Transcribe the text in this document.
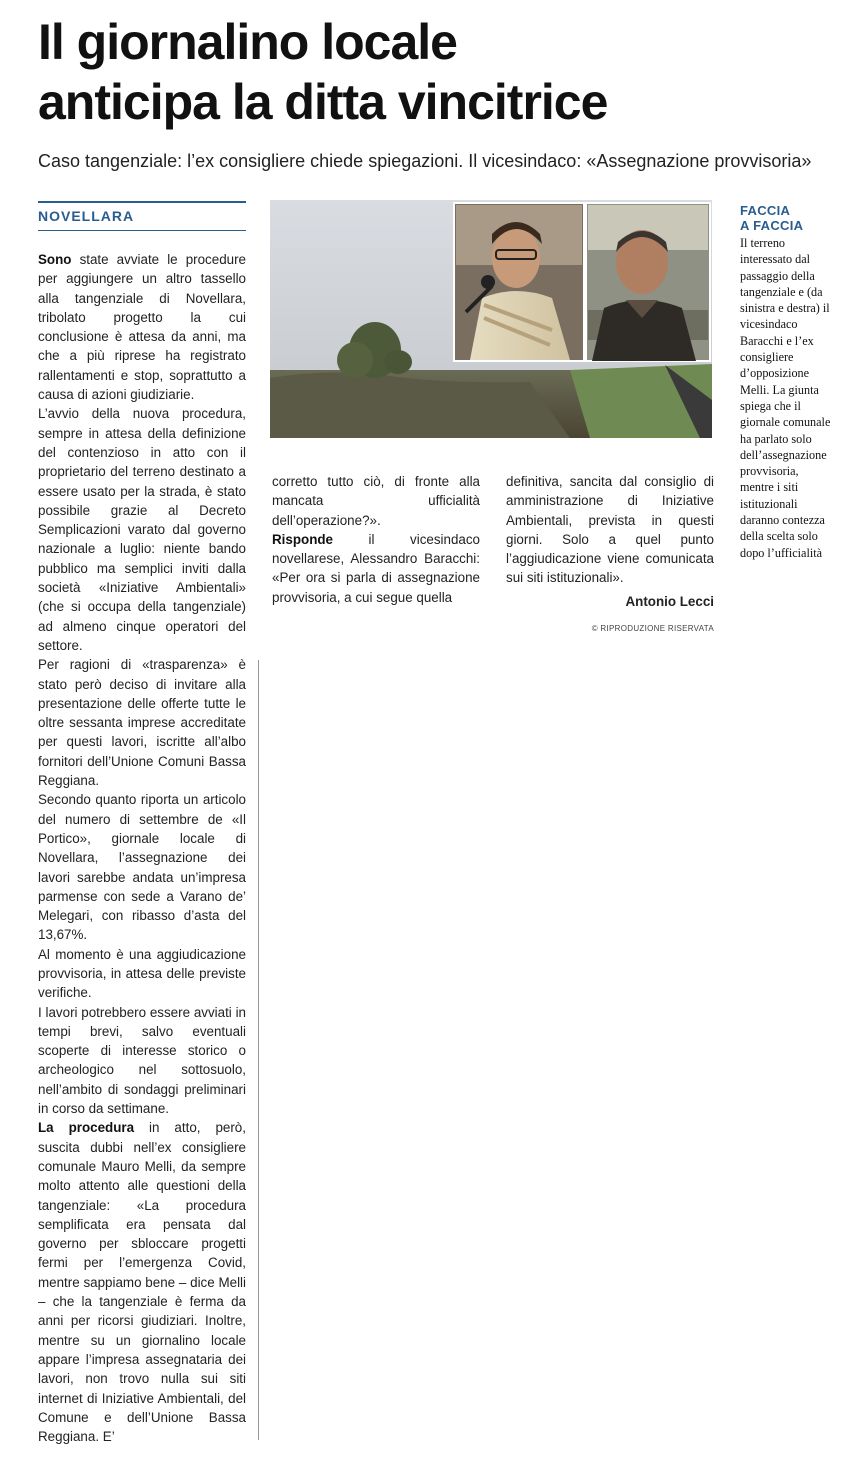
Il giornalino locale
anticipa la ditta vincitrice

Caso tangenziale: l’ex consigliere chiede spiegazioni. Il vicesindaco: «Assegnazione provvisoria»

NOVELLARA

Sono state avviate le procedure per aggiungere un altro tassello alla tangenziale di Novellara, tribolato progetto la cui conclusione è attesa da anni, ma che a più riprese ha registrato rallentamenti e stop, soprattutto a causa di azioni giudiziarie.

L’avvio della nuova procedura, sempre in attesa della definizione del contenzioso in atto con il proprietario del terreno destinato a essere usato per la strada, è stato possibile grazie al Decreto Semplicazioni varato dal governo nazionale a luglio: niente bando pubblico ma semplici inviti dalla società «Iniziative Ambientali» (che si occupa della tangenziale) ad almeno cinque operatori del settore.

Per ragioni di «trasparenza» è stato però deciso di invitare alla presentazione delle offerte tutte le oltre sessanta imprese accreditate per questi lavori, iscritte all’albo fornitori dell’Unione Comuni Bassa Reggiana.

Secondo quanto riporta un articolo del numero di settembre de «Il Portico», giornale locale di Novellara, l’assegnazione dei lavori sarebbe andata un’impresa parmense con sede a Varano de’ Melegari, con ribasso d’asta del 13,67%.

Al momento è una aggiudicazione provvisoria, in attesa delle previste verifiche.

I lavori potrebbero essere avviati in tempi brevi, salvo eventuali scoperte di interesse storico o archeologico nel sottosuolo, nell’ambito di sondaggi preliminari in corso da settimane.

La procedura in atto, però, suscita dubbi nell’ex consigliere comunale Mauro Melli, da sempre molto attento alle questioni della tangenziale: «La procedura semplificata era pensata dal governo per sbloccare progetti fermi per l’emergenza Covid, mentre sappiamo bene – dice Melli – che la tangenziale è ferma da anni per ricorsi giudiziari. Inoltre, mentre su un giornalino locale appare l’impresa assegnataria dei lavori, non trovo nulla sui siti internet di Iniziative Ambientali, del Comune e dell’Unione Bassa Reggiana. E’

corretto tutto ciò, di fronte alla mancata ufficialità dell’operazione?».

Risponde il vicesindaco novellarese, Alessandro Baracchi: «Per ora si parla di assegnazione provvisoria, a cui segue quella

definitiva, sancita dal consiglio di amministrazione di Iniziative Ambientali, prevista in questi giorni. Solo a quel punto l’aggiudicazione viene comunicata sui siti istituzionali».

Antonio Lecci

© RIPRODUZIONE RISERVATA

FACCIA
A FACCIA

Il terreno interessato dal passaggio della tangenziale e (da sinistra e destra) il vicesindaco Baracchi e l’ex consigliere d’opposizione Melli. La giunta spiega che il giornale comunale ha parlato solo dell’assegnazione provvisoria, mentre i siti istituzionali daranno contezza della scelta solo dopo l’ufficialità
